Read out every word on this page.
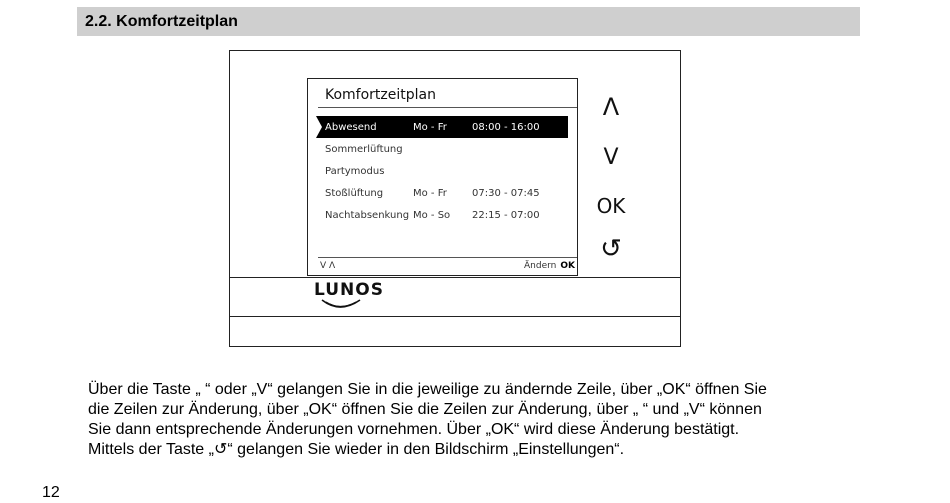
2.2. Komfortzeitplan
Komfortzeitplan
Abwesend	Mo - Fr	08:00 - 16:00
Sommerlüftung
Partymodus
Stoßlüftung	Mo - Fr	07:30 - 07:45
Nachtabsenkung Mo - So 22:15 - 07:00
V Λ	Ändern OK
Λ
V
OK
↺
LUNOS
Über die Taste „ “ oder „V“ gelangen Sie in die jeweilige zu ändernde Zeile, über „OK“ öffnen Sie
die Zeilen zur Änderung, über „OK“ öffnen Sie die Zeilen zur Änderung, über „ “ und „V“ können
Sie dann entsprechende Änderungen vornehmen. Über „OK“ wird diese Änderung bestätigt.
Mittels der Taste „↺“ gelangen Sie wieder in den Bildschirm „Einstellungen“.
12
